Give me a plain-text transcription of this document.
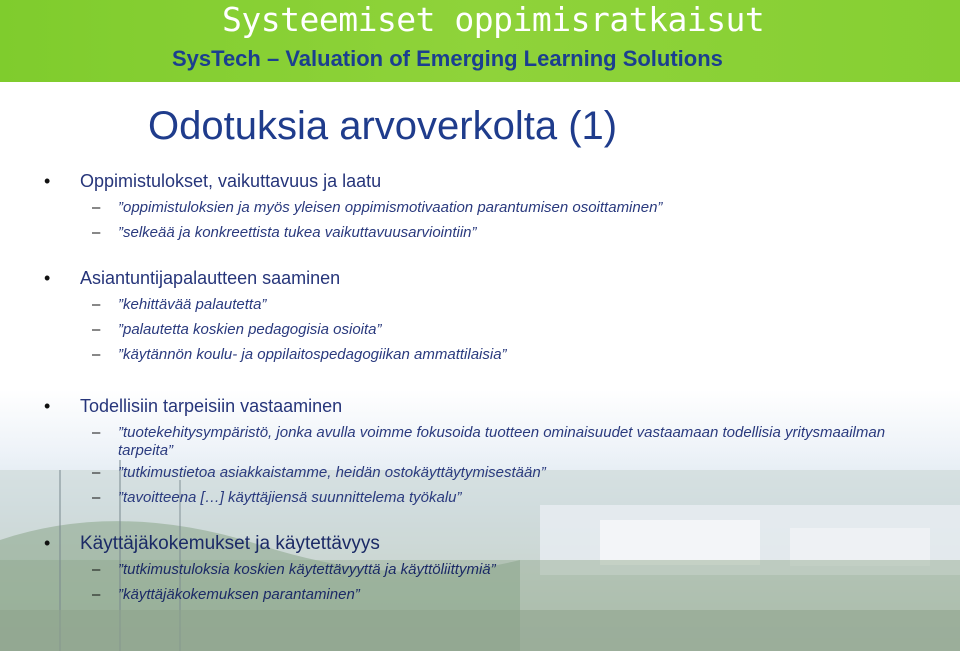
Systeemiset oppimisratkaisut
SysTech – Valuation of Emerging Learning Solutions
Odotuksia arvoverkolta (1)
• Oppimistulokset, vaikuttavuus ja laatu
– ”oppimistuloksien ja myös yleisen oppimismotivaation parantumisen osoittaminen”
– ”selkeää ja konkreettista tukea vaikuttavuusarviointiin”
• Asiantuntijapalautteen saaminen
– ”kehittävää palautetta”
– ”palautetta koskien pedagogisia osioita”
– ”käytännön koulu- ja oppilaitospedagogiikan ammattilaisia”
• Todellisiin tarpeisiin vastaaminen
– ”tuotekehitysympäristö, jonka avulla voimme fokusoida tuotteen ominaisuudet vastaamaan todellisia yritysmaailman tarpeita”
– ”tutkimustietoa asiakkaistamme, heidän ostokäyttäytymisestään”
– ”tavoitteena […] käyttäjiensä suunnittelema työkalu”
• Käyttäjäkokemukset ja käytettävyys
– ”tutkimustuloksia koskien käytettävyyttä ja käyttöliittymiä”
– ”käyttäjäkokemuksen parantaminen”
